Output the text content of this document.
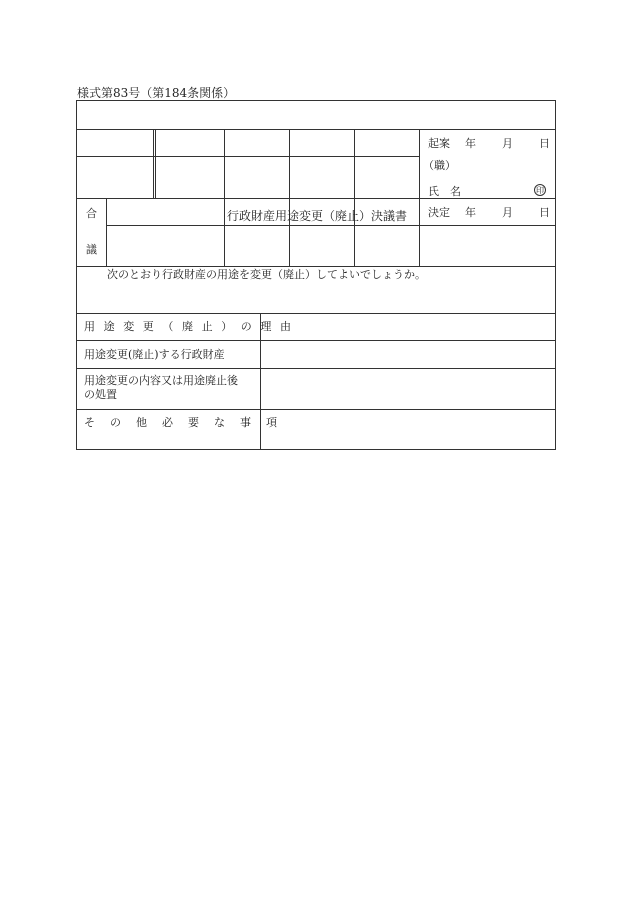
様式第83号（第184条関係）
行政財産用途変更（廃止）決議書
起案 年 月 日
（職）
氏　名	印
決定 年 月 日
合
議
次のとおり行政財産の用途を変更（廃止）してよいでしょうか。
用途変更（廃止）の理由
用途変更(廃止)する行政財産
用途変更の内容又は用途廃止後
の処置
その他必要な事項
